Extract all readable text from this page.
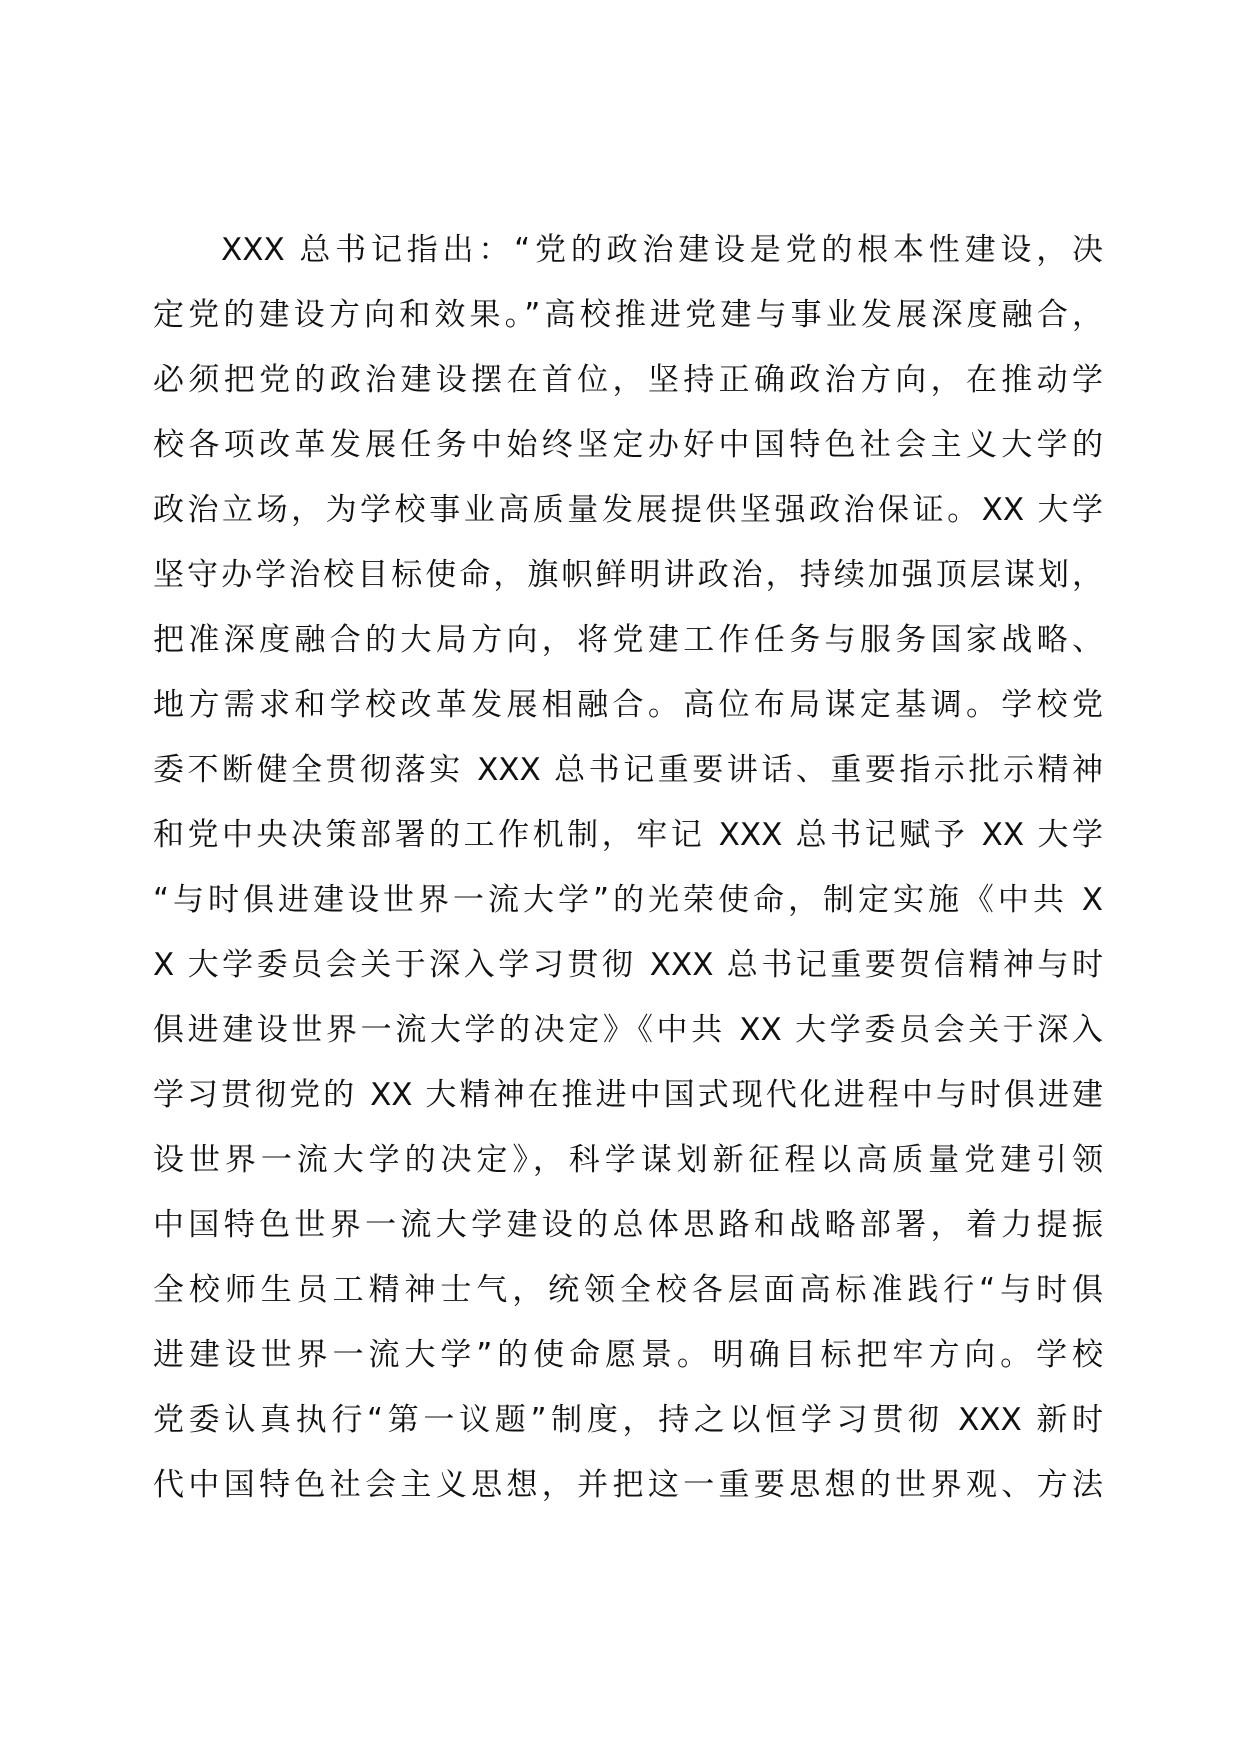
XXX 总书记指出：“党的政治建设是党的根本性建设，决
定党的建设方向和效果。”高校推进党建与事业发展深度融合，
必须把党的政治建设摆在首位，坚持正确政治方向，在推动学
校各项改革发展任务中始终坚定办好中国特色社会主义大学的
政治立场，为学校事业高质量发展提供坚强政治保证。XX 大学
坚守办学治校目标使命，旗帜鲜明讲政治，持续加强顶层谋划，
把准深度融合的大局方向，将党建工作任务与服务国家战略、
地方需求和学校改革发展相融合。高位布局谋定基调。学校党
委不断健全贯彻落实 XXX 总书记重要讲话、重要指示批示精神
和党中央决策部署的工作机制，牢记 XXX 总书记赋予 XX 大学
“与时俱进建设世界一流大学”的光荣使命，制定实施《中共 X
X 大学委员会关于深入学习贯彻 XXX 总书记重要贺信精神与时
俱进建设世界一流大学的决定》《中共 XX 大学委员会关于深入
学习贯彻党的 XX 大精神在推进中国式现代化进程中与时俱进建
设世界一流大学的决定》，科学谋划新征程以高质量党建引领
中国特色世界一流大学建设的总体思路和战略部署，着力提振
全校师生员工精神士气，统领全校各层面高标准践行“与时俱
进建设世界一流大学”的使命愿景。明确目标把牢方向。学校
党委认真执行“第一议题”制度，持之以恒学习贯彻 XXX 新时
代中国特色社会主义思想，并把这一重要思想的世界观、方法
